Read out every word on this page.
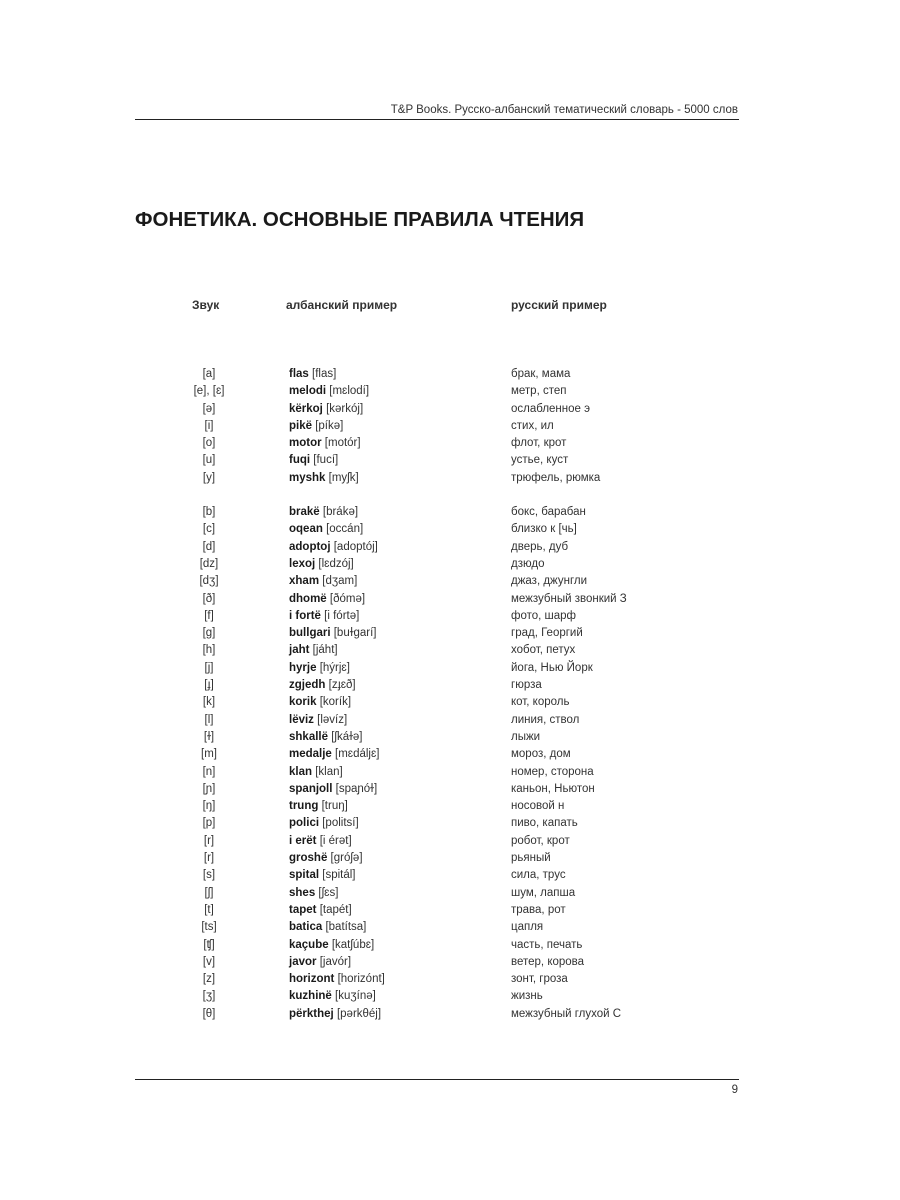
T&P Books. Русско-албанский тематический словарь - 5000 слов
ФОНЕТИКА. ОСНОВНЫЕ ПРАВИЛА ЧТЕНИЯ
Звук	албанский пример	русский пример
[a]	flas [flas]	брак, мама
[e], [ɛ]	melodi [mɛlodí]	метр, степ
[ə]	kërkoj [kərkój]	ослабленное э
[i]	pikë [píkə]	стих, ил
[o]	motor [motór]	флот, крот
[u]	fuqi [fucí]	устье, куст
[y]	myshk [myʃk]	трюфель, рюмка
[b]	brakë [brákə]	бокс, барабан
[c]	oqean [occán]	близко к [чь]
[d]	adoptoj [adoptój]	дверь, дуб
[dz]	lexoj [lɛdzój]	дзюдо
[dʒ]	xham [dʒam]	джаз, джунгли
[ð]	dhomë [ðómə]	межзубный звонкий З
[f]	i fortë [i fórtə]	фото, шарф
[g]	bullgari [buɫgarí]	град, Георгий
[h]	jaht [jáht]	хобот, петух
[j]	hyrje [hýrjɛ]	йога, Нью Йорк
[ɟ]	zgjedh [zɟɛð]	гюрза
[k]	korik [korík]	кот, король
[l]	lëviz [ləvíz]	линия, ствол
[ɫ]	shkallë [ʃkáɫə]	лыжи
[m]	medalje [mɛdáljɛ]	мороз, дом
[n]	klan [klan]	номер, сторона
[ɲ]	spanjoll [spaɲóɫ]	каньон, Ньютон
[ŋ]	trung [truŋ]	носовой н
[p]	polici [politsí]	пиво, капать
[r]	i erët [i érət]	робот, крот
[r]	groshë [gróʃə]	рьяный
[s]	spital [spitál]	сила, трус
[ʃ]	shes [ʃɛs]	шум, лапша
[t]	tapet [tapét]	трава, рот
[ts]	batica [batítsa]	цапля
[ʧ]	kaçube [katʃúbɛ]	часть, печать
[v]	javor [javór]	ветер, корова
[z]	horizont [horizónt]	зонт, гроза
[ʒ]	kuzhinë [kuʒínə]	жизнь
[θ]	përkthej [pərkθéj]	межзубный глухой С
9
